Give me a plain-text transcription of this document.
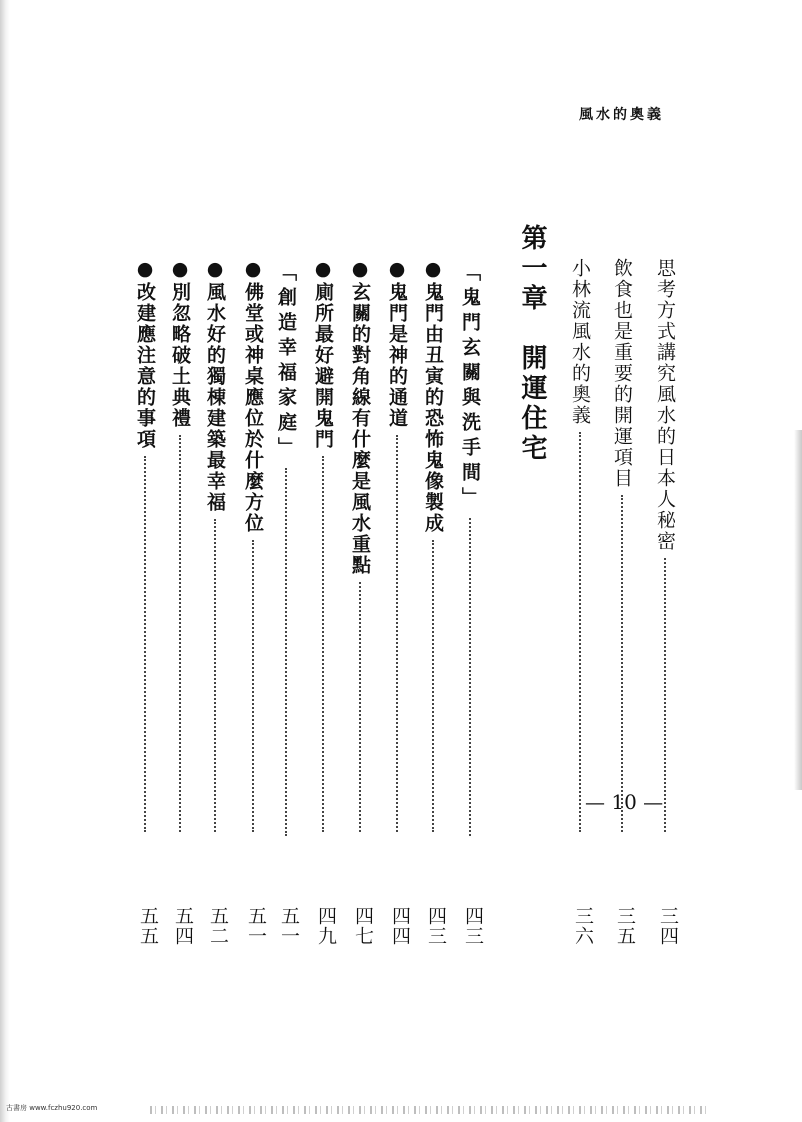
風水的奧義
思考方式講究風水的日本人秘密
三四
飲食也是重要的開運項目
三五
小林流風水的奧義
三六
第一章　開運住宅
「鬼門玄關與洗手間」
四三
●鬼門由丑寅的恐怖鬼像製成
四三
●鬼門是神的通道
四四
●玄關的對角線有什麼是風水重點
四七
●廁所最好避開鬼門
四九
「創造幸福家庭」
五一
●佛堂或神桌應位於什麼方位
五一
●風水好的獨棟建築最幸福
五二
●別忽略破土典禮
五四
●改建應注意的事項
五五
— 10 —
古書房 www.fczhu920.com
